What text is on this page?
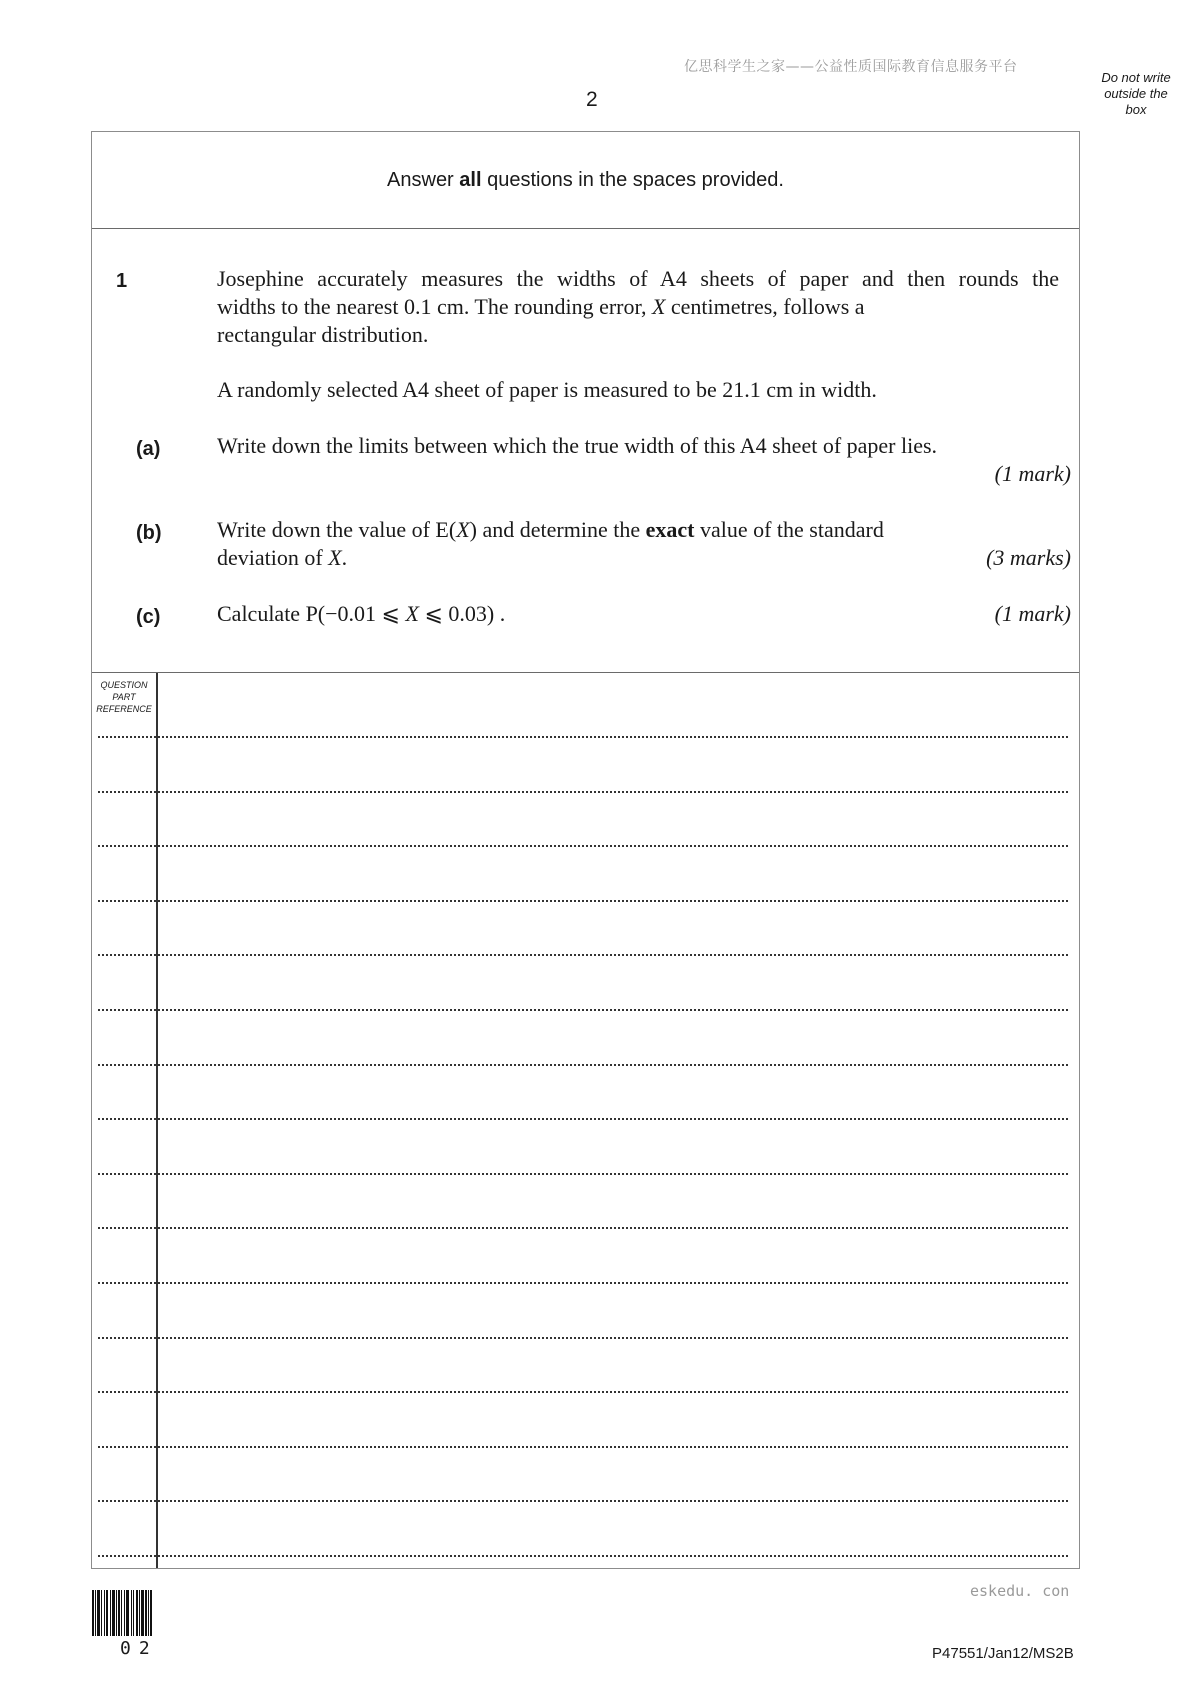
亿思科学生之家——公益性质国际教育信息服务平台
2
Do not write
outside the
box
Answer all questions in the spaces provided.
1	Josephine accurately measures the widths of A4 sheets of paper and then rounds the
widths to the nearest 0.1 cm. The rounding error, X centimetres, follows a
rectangular distribution.
A randomly selected A4 sheet of paper is measured to be 21.1 cm in width.
(a)	Write down the limits between which the true width of this A4 sheet of paper lies.
(1 mark)
(b)	Write down the value of E(X) and determine the exact value of the standard
deviation of X.	(3 marks)
(c)	Calculate P(−0.01 ⩽ X ⩽ 0.03) .	(1 mark)
QUESTION
PART
REFERENCE
eskedu. con
02	P47551/Jan12/MS2B
